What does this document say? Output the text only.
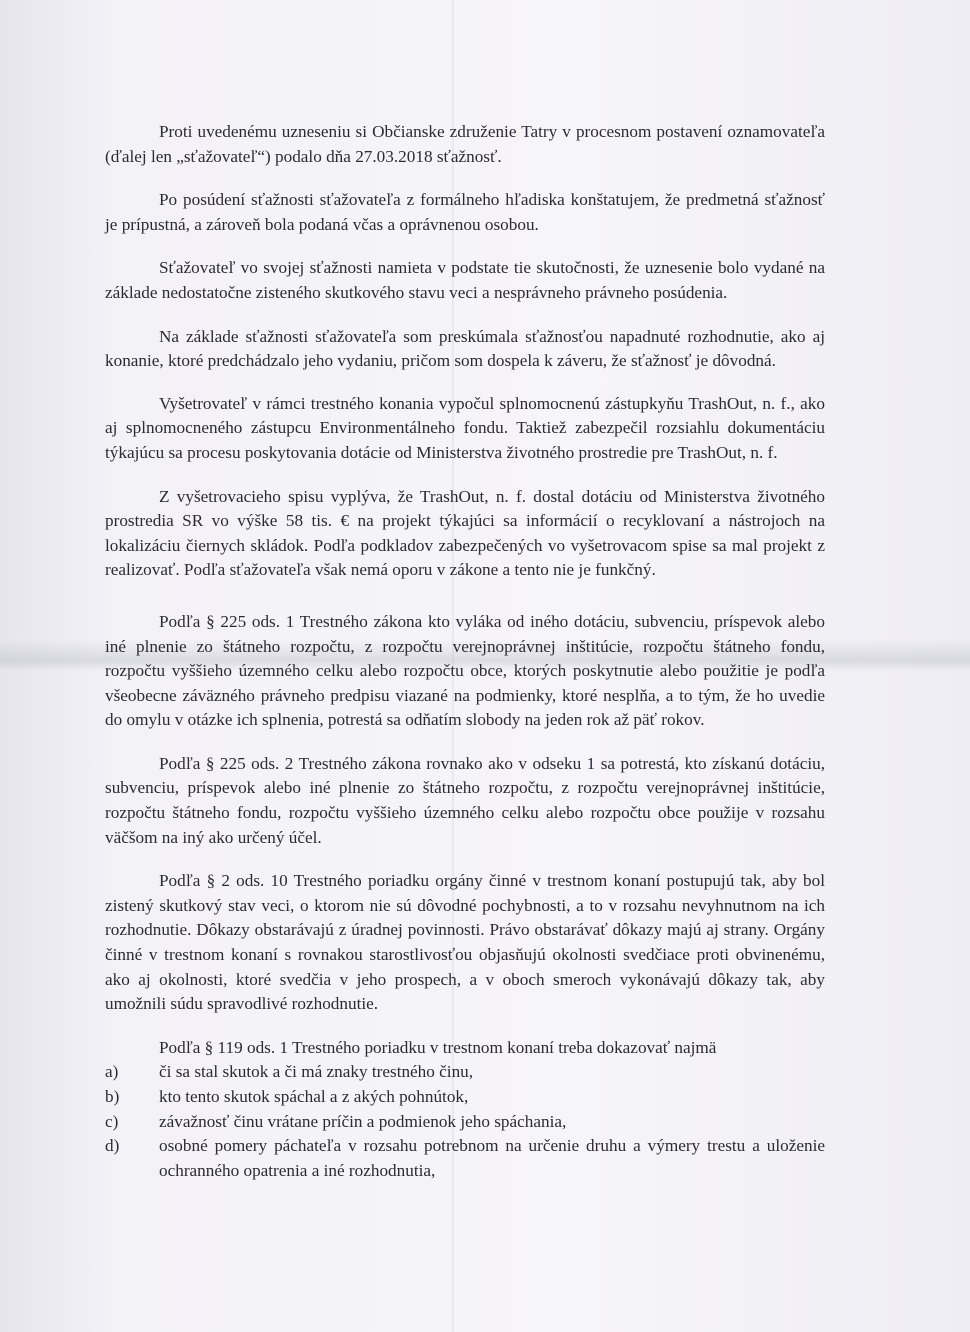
Proti uvedenému uzneseniu si Občianske združenie Tatry v procesnom postavení oznamovateľa (ďalej len „sťažovateľ“) podalo dňa 27.03.2018 sťažnosť.

Po posúdení sťažnosti sťažovateľa z formálneho hľadiska konštatujem, že predmetná sťažnosť je prípustná, a zároveň bola podaná včas a oprávnenou osobou.

Sťažovateľ vo svojej sťažnosti namieta v podstate tie skutočnosti, že uznesenie bolo vydané na základe nedostatočne zisteného skutkového stavu veci a nesprávneho právneho posúdenia.

Na základe sťažnosti sťažovateľa som preskúmala sťažnosťou napadnuté rozhodnutie, ako aj konanie, ktoré predchádzalo jeho vydaniu, pričom som dospela k záveru, že sťažnosť je dôvodná.

Vyšetrovateľ v rámci trestného konania vypočul splnomocnenú zástupkyňu TrashOut, n. f., ako aj splnomocneného zástupcu Environmentálneho fondu. Taktiež zabezpečil rozsiahlu dokumentáciu týkajúcu sa procesu poskytovania dotácie od Ministerstva životného prostredie pre TrashOut, n. f.

Z vyšetrovacieho spisu vyplýva, že TrashOut, n. f. dostal dotáciu od Ministerstva životného prostredia SR vo výške 58 tis. € na projekt týkajúci sa informácií o recyklovaní a nástrojoch na lokalizáciu čiernych skládok. Podľa podkladov zabezpečených vo vyšetrovacom spise sa mal projekt z realizovať. Podľa sťažovateľa však nemá oporu v zákone a tento nie je funkčný.

Podľa § 225 ods. 1 Trestného zákona kto vyláka od iného dotáciu, subvenciu, príspevok alebo iné plnenie zo štátneho rozpočtu, z rozpočtu verejnoprávnej inštitúcie, rozpočtu štátneho fondu, rozpočtu vyššieho územného celku alebo rozpočtu obce, ktorých poskytnutie alebo použitie je podľa všeobecne záväzného právneho predpisu viazané na podmienky, ktoré nesplňa, a to tým, že ho uvedie do omylu v otázke ich splnenia, potrestá sa odňatím slobody na jeden rok až päť rokov.

Podľa § 225 ods. 2 Trestného zákona rovnako ako v odseku 1 sa potrestá, kto získanú dotáciu, subvenciu, príspevok alebo iné plnenie zo štátneho rozpočtu, z rozpočtu verejnoprávnej inštitúcie, rozpočtu štátneho fondu, rozpočtu vyššieho územného celku alebo rozpočtu obce použije v rozsahu väčšom na iný ako určený účel.

Podľa § 2 ods. 10 Trestného poriadku orgány činné v trestnom konaní postupujú tak, aby bol zistený skutkový stav veci, o ktorom nie sú dôvodné pochybnosti, a to v rozsahu nevyhnutnom na ich rozhodnutie. Dôkazy obstarávajú z úradnej povinnosti. Právo obstarávať dôkazy majú aj strany. Orgány činné v trestnom konaní s rovnakou starostlivosťou objasňujú okolnosti svedčiace proti obvinenému, ako aj okolnosti, ktoré svedčia v jeho prospech, a v oboch smeroch vykonávajú dôkazy tak, aby umožnili súdu spravodlivé rozhodnutie.

Podľa § 119 ods. 1 Trestného poriadku v trestnom konaní treba dokazovať najmä

a)	či sa stal skutok a či má znaky trestného činu,
b)	kto tento skutok spáchal a z akých pohnútok,
c)	závažnosť činu vrátane príčin a podmienok jeho spáchania,
d)	osobné pomery páchateľa v rozsahu potrebnom na určenie druhu a výmery trestu a uloženie ochranného opatrenia a iné rozhodnutia,
